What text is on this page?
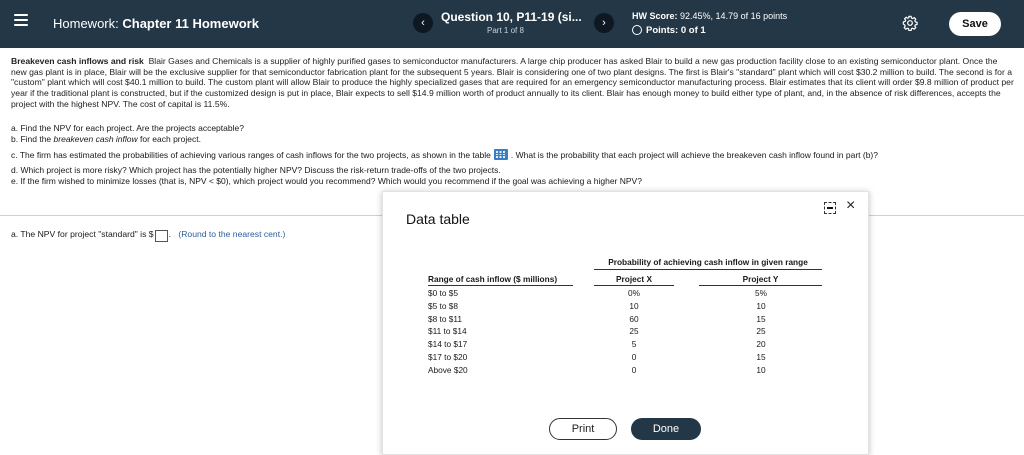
Homework: Chapter 11 Homework	‹	Question 10, P11-19 (si...
Part 1 of 8
›
HW Score: 92.45%, 14.79 of 16 points
Points: 0 of 1
Save
Breakeven cash inflows and risk Blair Gases and Chemicals is a supplier of highly purified gases to semiconductor manufacturers. A large chip producer has asked Blair to build a new gas production facility close to an existing semiconductor plant. Once the new gas plant is in place, Blair will be the exclusive supplier for that semiconductor fabrication plant for the subsequent 5 years. Blair is considering one of two plant designs. The first is Blair's "standard" plant which will cost $30.2 million to build. The second is for a "custom" plant which will cost $40.1 million to build. The custom plant will allow Blair to produce the highly specialized gases that are required for an emergency semiconductor manufacturing process. Blair estimates that its client will order $9.8 million of product per year if the traditional plant is constructed, but if the customized design is put in place, Blair expects to sell $14.9 million worth of product annually to its client. Blair has enough money to build either type of plant, and, in the absence of risk differences, accepts the project with the highest NPV. The cost of capital is 11.5%.
a. Find the NPV for each project. Are the projects acceptable?
b. Find the breakeven cash inflow for each project.
c. The firm has estimated the probabilities of achieving various ranges of cash inflows for the two projects, as shown in the table . What is the probability that each project will achieve the breakeven cash inflow found in part (b)?
d. Which project is more risky? Which project has the potentially higher NPV? Discuss the risk-return trade-offs of the two projects.
e. If the firm wished to minimize losses (that is, NPV < $0), which project would you recommend? Which would you recommend if the goal was achieving a higher NPV?
a. The NPV for project "standard" is $ . (Round to the nearest cent.)
Data table
×
Probability of achieving cash inflow in given range
Range of cash inflow ($ millions)	Project X	Project Y
$0 to $5	0%	5%
$5 to $8	10	10
$8 to $11	60	15
$11 to $14	25	25
$14 to $17	5	20
$17 to $20	0	15
Above $20	0	10
Print	Done
